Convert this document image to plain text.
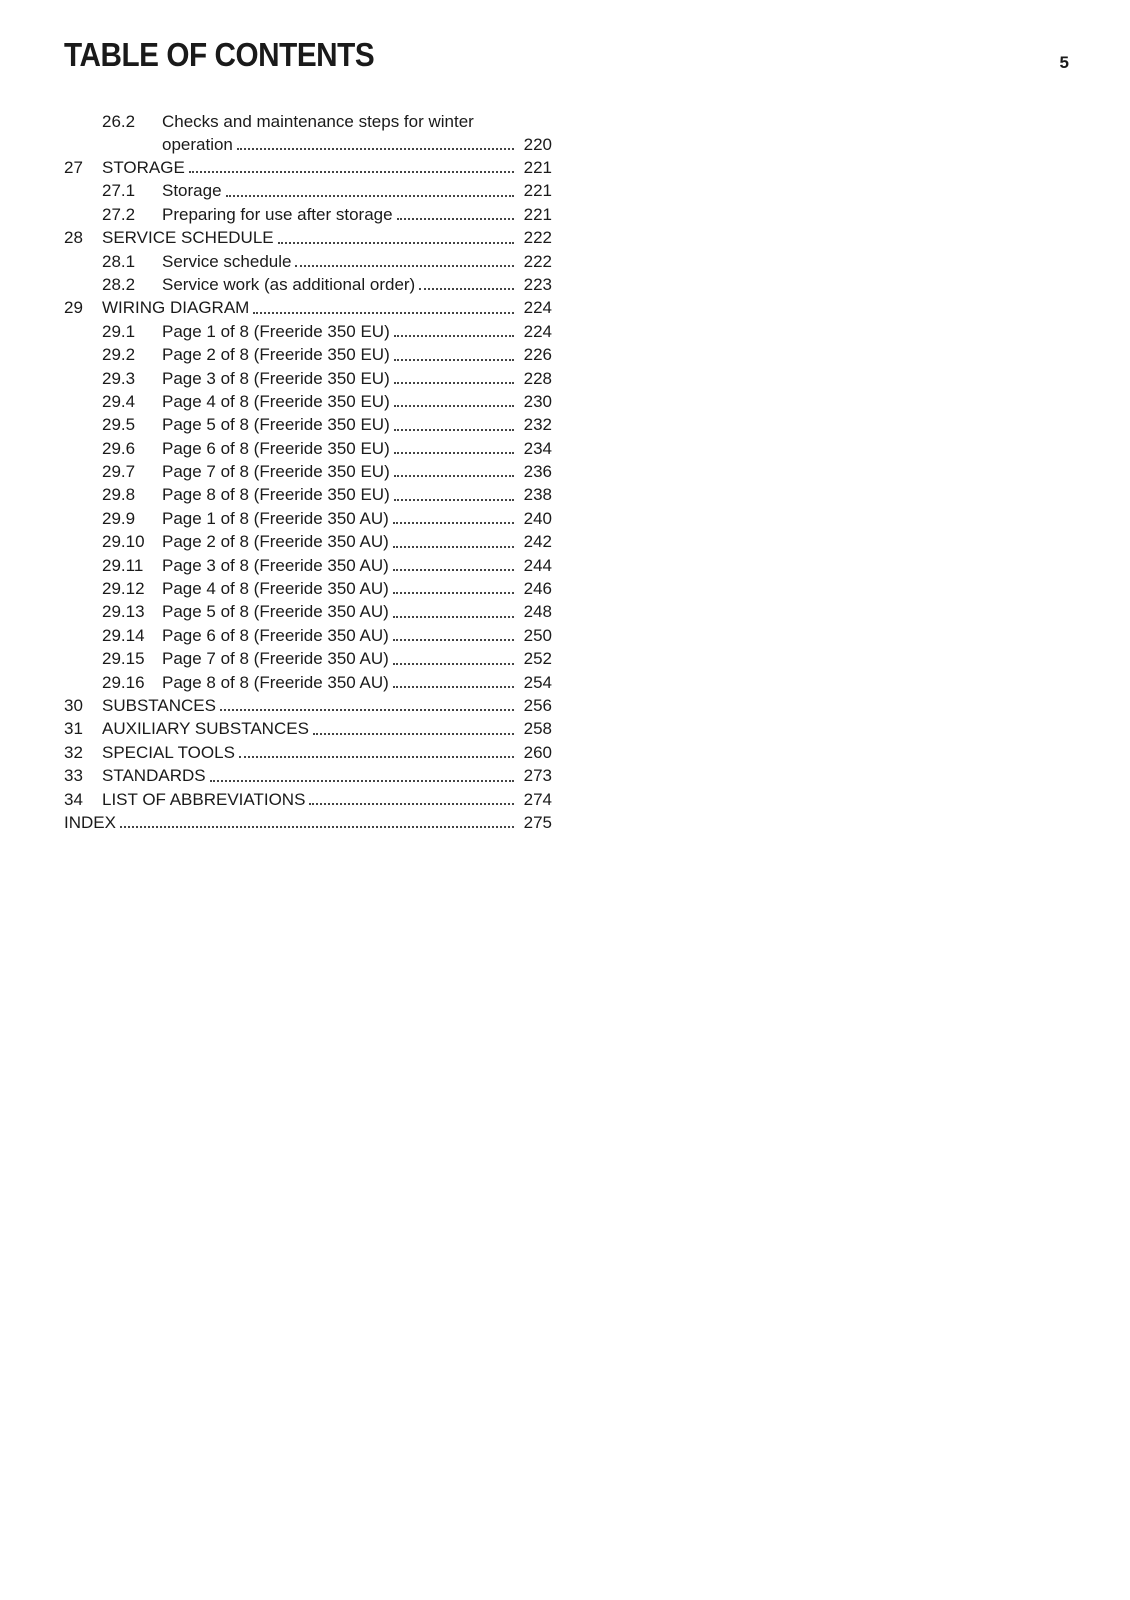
TABLE OF CONTENTS	5
26.2 Checks and maintenance steps for winter
operation	220
27 STORAGE	221
27.1 Storage	221
27.2 Preparing for use after storage	221
28 SERVICE SCHEDULE	222
28.1 Service schedule	222
28.2 Service work (as additional order)	223
29 WIRING DIAGRAM	224
29.1 Page 1 of 8 (Freeride 350 EU)	224
29.2 Page 2 of 8 (Freeride 350 EU)	226
29.3 Page 3 of 8 (Freeride 350 EU)	228
29.4 Page 4 of 8 (Freeride 350 EU)	230
29.5 Page 5 of 8 (Freeride 350 EU)	232
29.6 Page 6 of 8 (Freeride 350 EU)	234
29.7 Page 7 of 8 (Freeride 350 EU)	236
29.8 Page 8 of 8 (Freeride 350 EU)	238
29.9 Page 1 of 8 (Freeride 350 AU)	240
29.10 Page 2 of 8 (Freeride 350 AU)	242
29.11 Page 3 of 8 (Freeride 350 AU)	244
29.12 Page 4 of 8 (Freeride 350 AU)	246
29.13 Page 5 of 8 (Freeride 350 AU)	248
29.14 Page 6 of 8 (Freeride 350 AU)	250
29.15 Page 7 of 8 (Freeride 350 AU)	252
29.16 Page 8 of 8 (Freeride 350 AU)	254
30 SUBSTANCES	256
31 AUXILIARY SUBSTANCES	258
32 SPECIAL TOOLS	260
33 STANDARDS	273
34 LIST OF ABBREVIATIONS	274
INDEX	275
